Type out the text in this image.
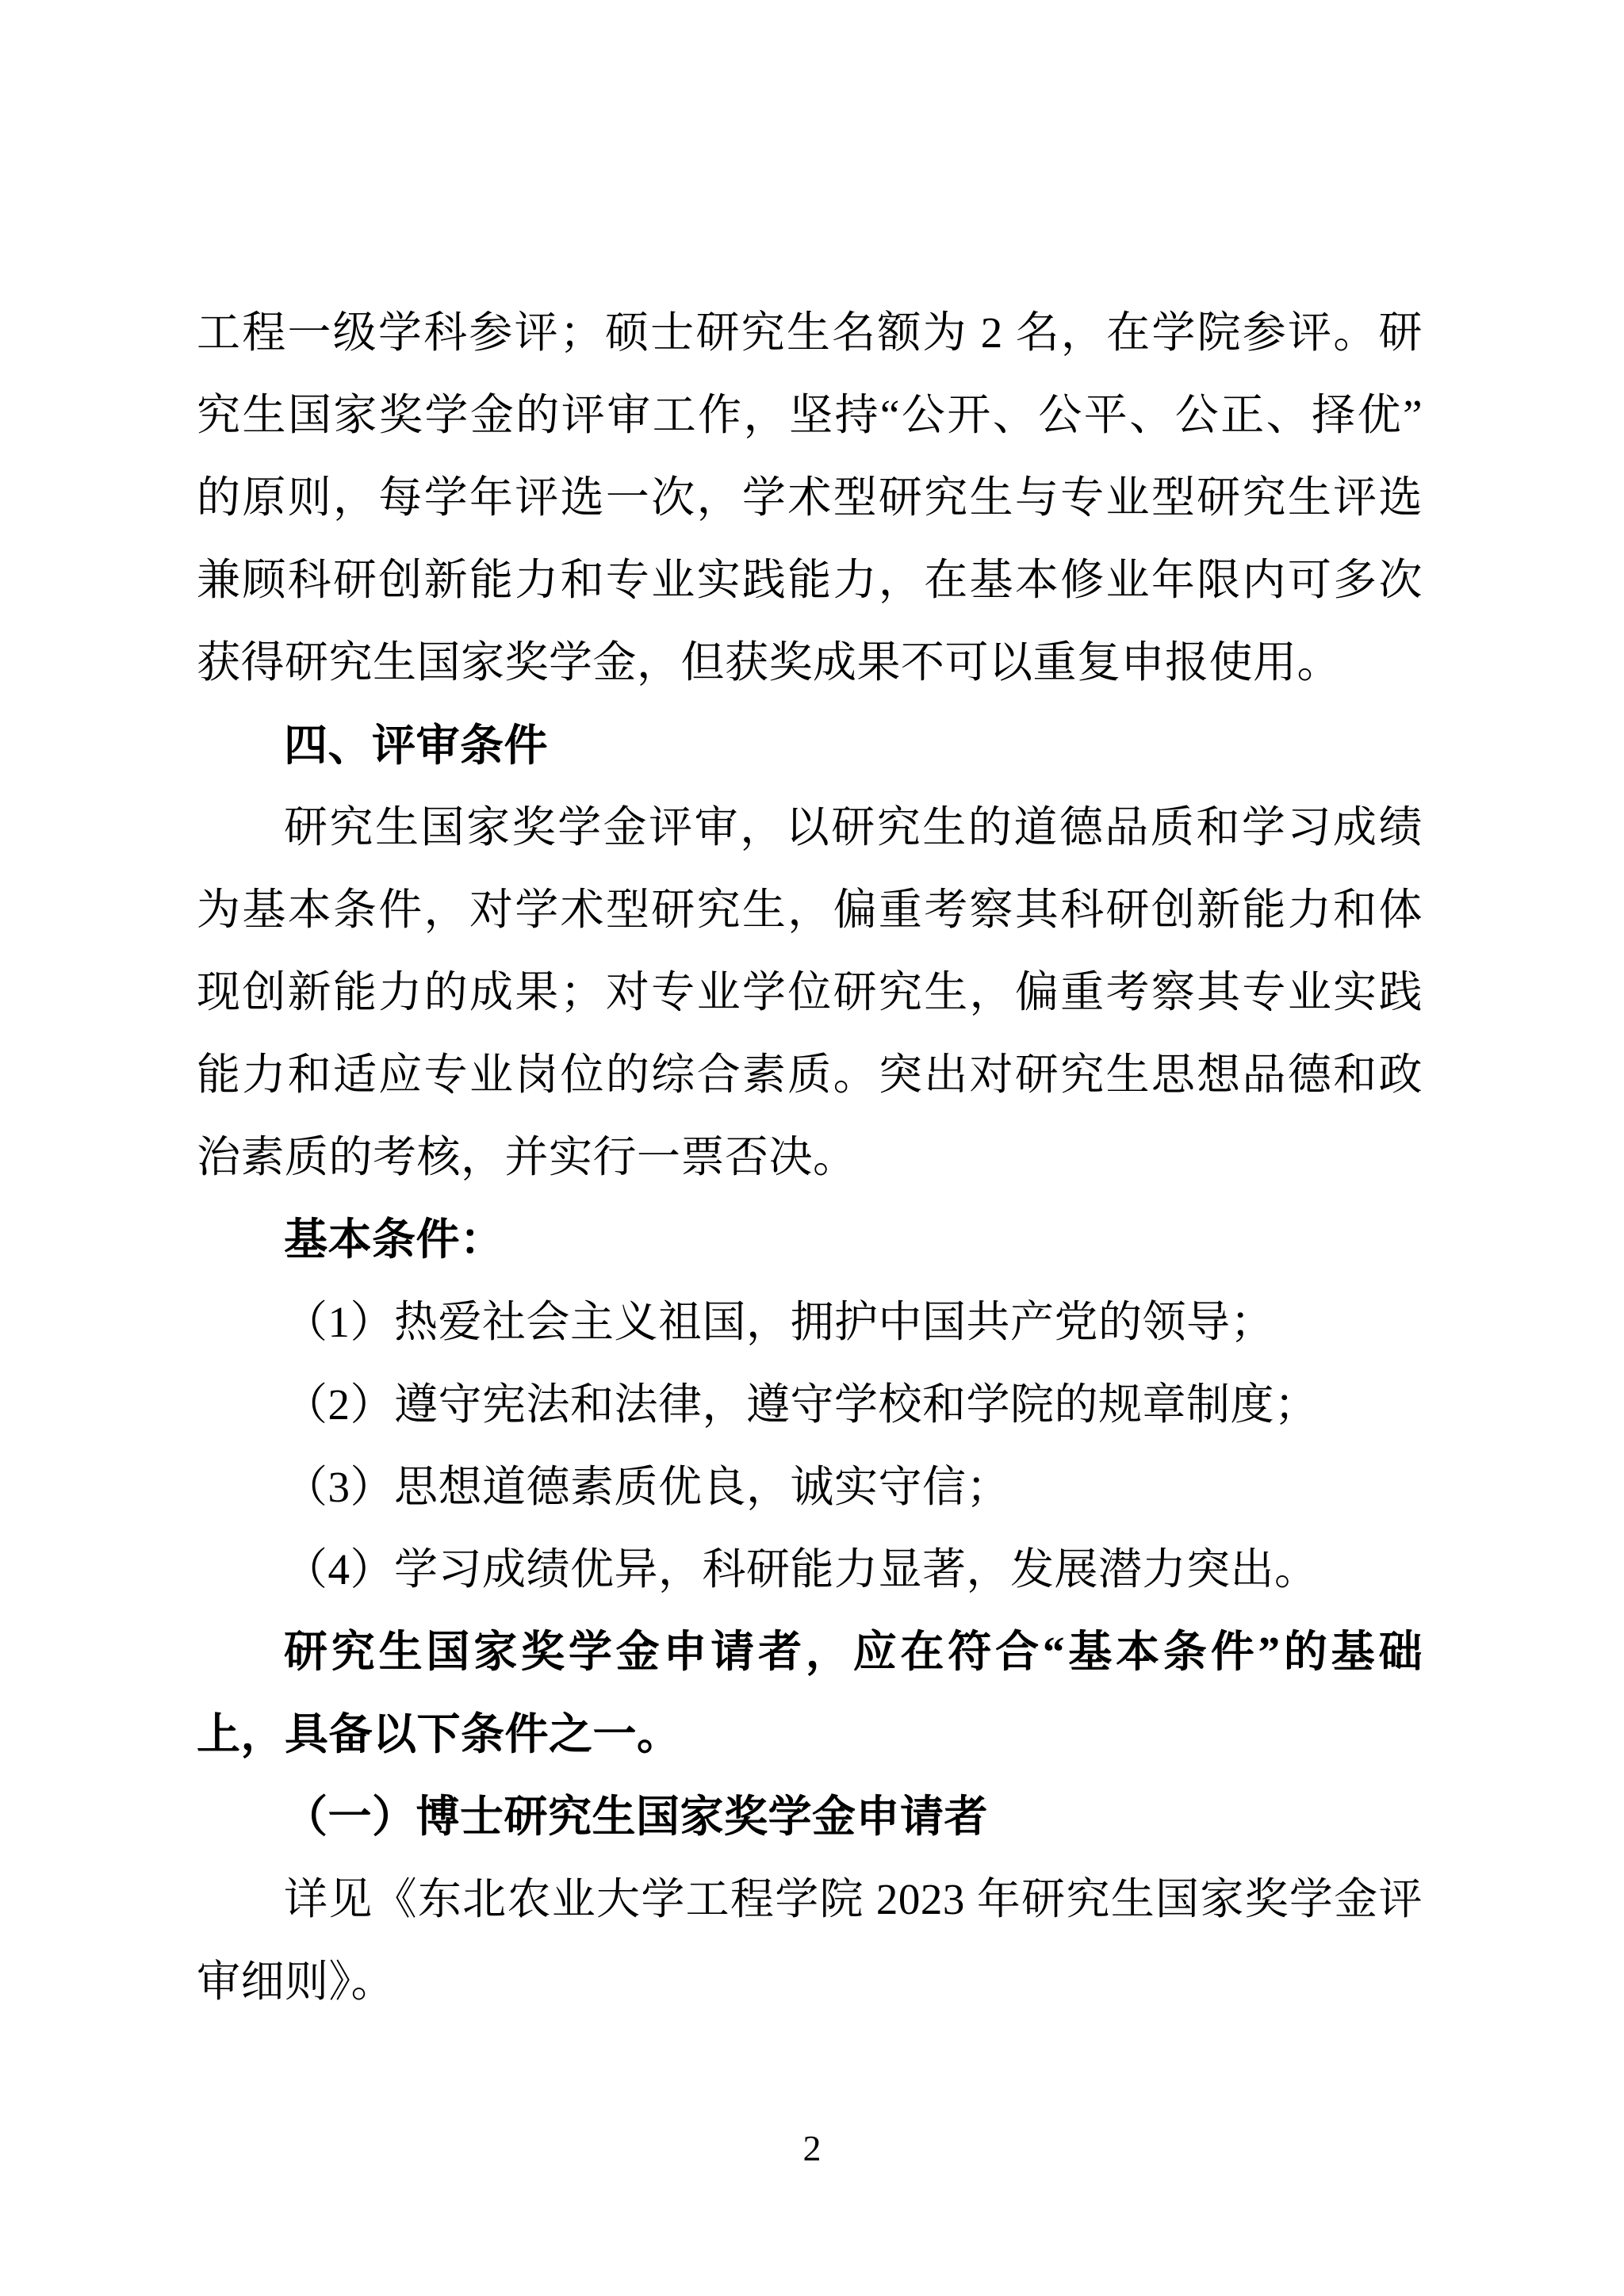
工程一级学科参评；硕士研究生名额为 2 名，在学院参评。研究生国家奖学金的评审工作，坚持“公开、公平、公正、择优”的原则，每学年评选一次，学术型研究生与专业型研究生评选兼顾科研创新能力和专业实践能力，在基本修业年限内可多次获得研究生国家奖学金，但获奖成果不可以重复申报使用。

四、评审条件

研究生国家奖学金评审，以研究生的道德品质和学习成绩为基本条件，对学术型研究生，偏重考察其科研创新能力和体现创新能力的成果；对专业学位研究生，偏重考察其专业实践能力和适应专业岗位的综合素质。突出对研究生思想品德和政治素质的考核，并实行一票否决。

基本条件：

（1）热爱社会主义祖国，拥护中国共产党的领导；

（2）遵守宪法和法律，遵守学校和学院的规章制度；

（3）思想道德素质优良，诚实守信；

（4）学习成绩优异，科研能力显著，发展潜力突出。

研究生国家奖学金申请者，应在符合“基本条件”的基础上，具备以下条件之一。

（一）博士研究生国家奖学金申请者

详见《东北农业大学工程学院 2023 年研究生国家奖学金评审细则》。

2
